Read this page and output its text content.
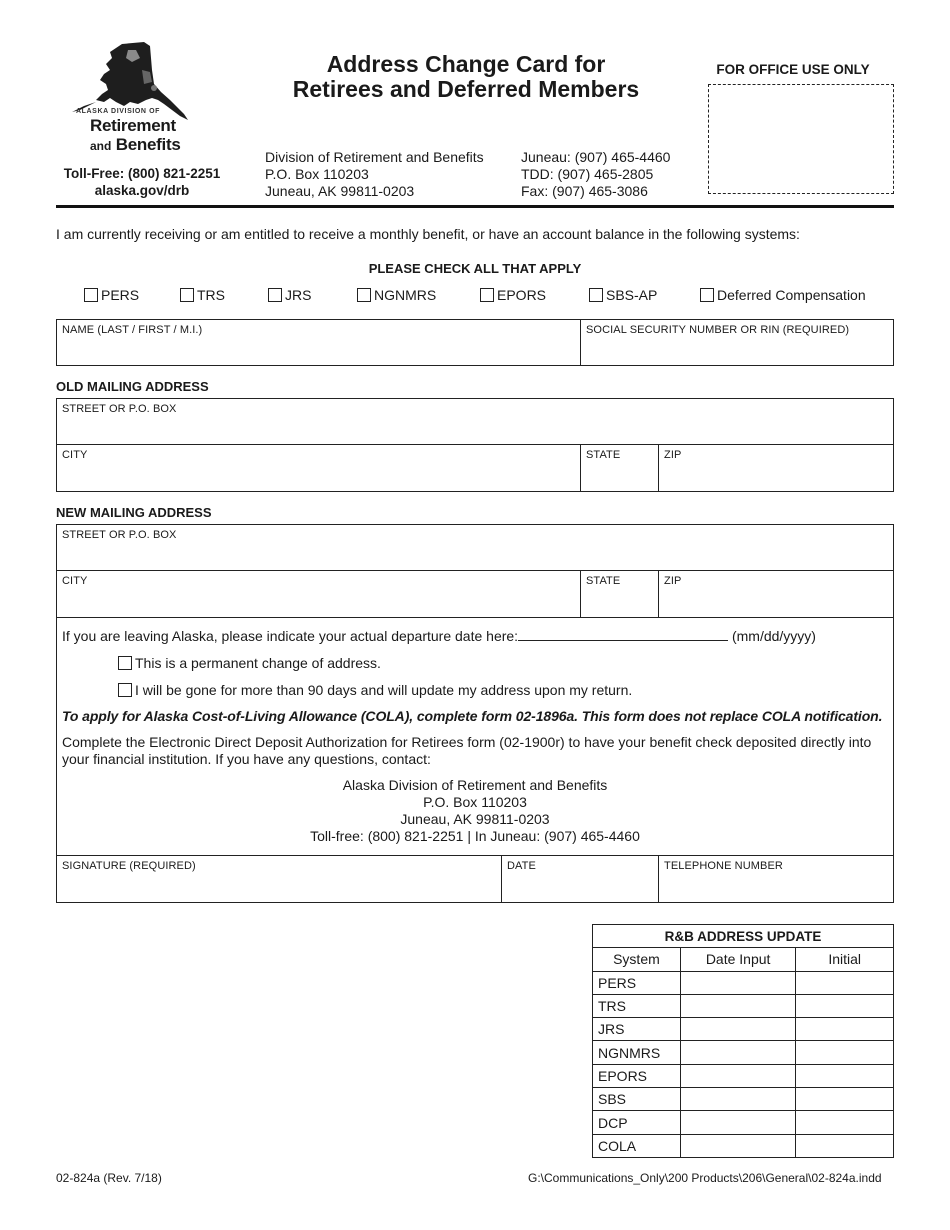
ALASKA DIVISION OF
Retirement
and Benefits
Toll-Free: (800) 821-2251
alaska.gov/drb
Address Change Card for
Retirees and Deferred Members
Division of Retirement and Benefits
P.O. Box 110203
Juneau, AK 99811-0203
Juneau: (907) 465-4460
TDD: (907) 465-2805
Fax: (907) 465-3086
FOR OFFICE USE ONLY
I am currently receiving or am entitled to receive a monthly benefit, or have an account balance in the following systems:
PLEASE CHECK ALL THAT APPLY
PERS	TRS	JRS	NGNMRS	EPORS	SBS-AP	Deferred Compensation
NAME (LAST / FIRST / M.I.)	SOCIAL SECURITY NUMBER OR RIN (REQUIRED)
OLD MAILING ADDRESS
STREET OR P.O. BOX
CITY	STATE	ZIP
NEW MAILING ADDRESS
STREET OR P.O. BOX
CITY	STATE	ZIP
If you are leaving Alaska, please indicate your actual departure date here:	(mm/dd/yyyy)
This is a permanent change of address.
I will be gone for more than 90 days and will update my address upon my return.
To apply for Alaska Cost-of-Living Allowance (COLA), complete form 02-1896a. This form does not replace COLA notification.
Complete the Electronic Direct Deposit Authorization for Retirees form (02-1900r) to have your benefit check deposited directly into your financial institution. If you have any questions, contact:
Alaska Division of Retirement and Benefits
P.O. Box 110203
Juneau, AK 99811-0203
Toll-free: (800) 821-2251 | In Juneau: (907) 465-4460
SIGNATURE (REQUIRED)	DATE	TELEPHONE NUMBER
R&B ADDRESS UPDATE		
System	Date Input	Initial
PERS		
TRS		
JRS		
NGNMRS		
EPORS		
SBS		
DCP		
COLA		
02-824a (Rev. 7/18)	G:\Communications_Only\200 Products\206\General\02-824a.indd
